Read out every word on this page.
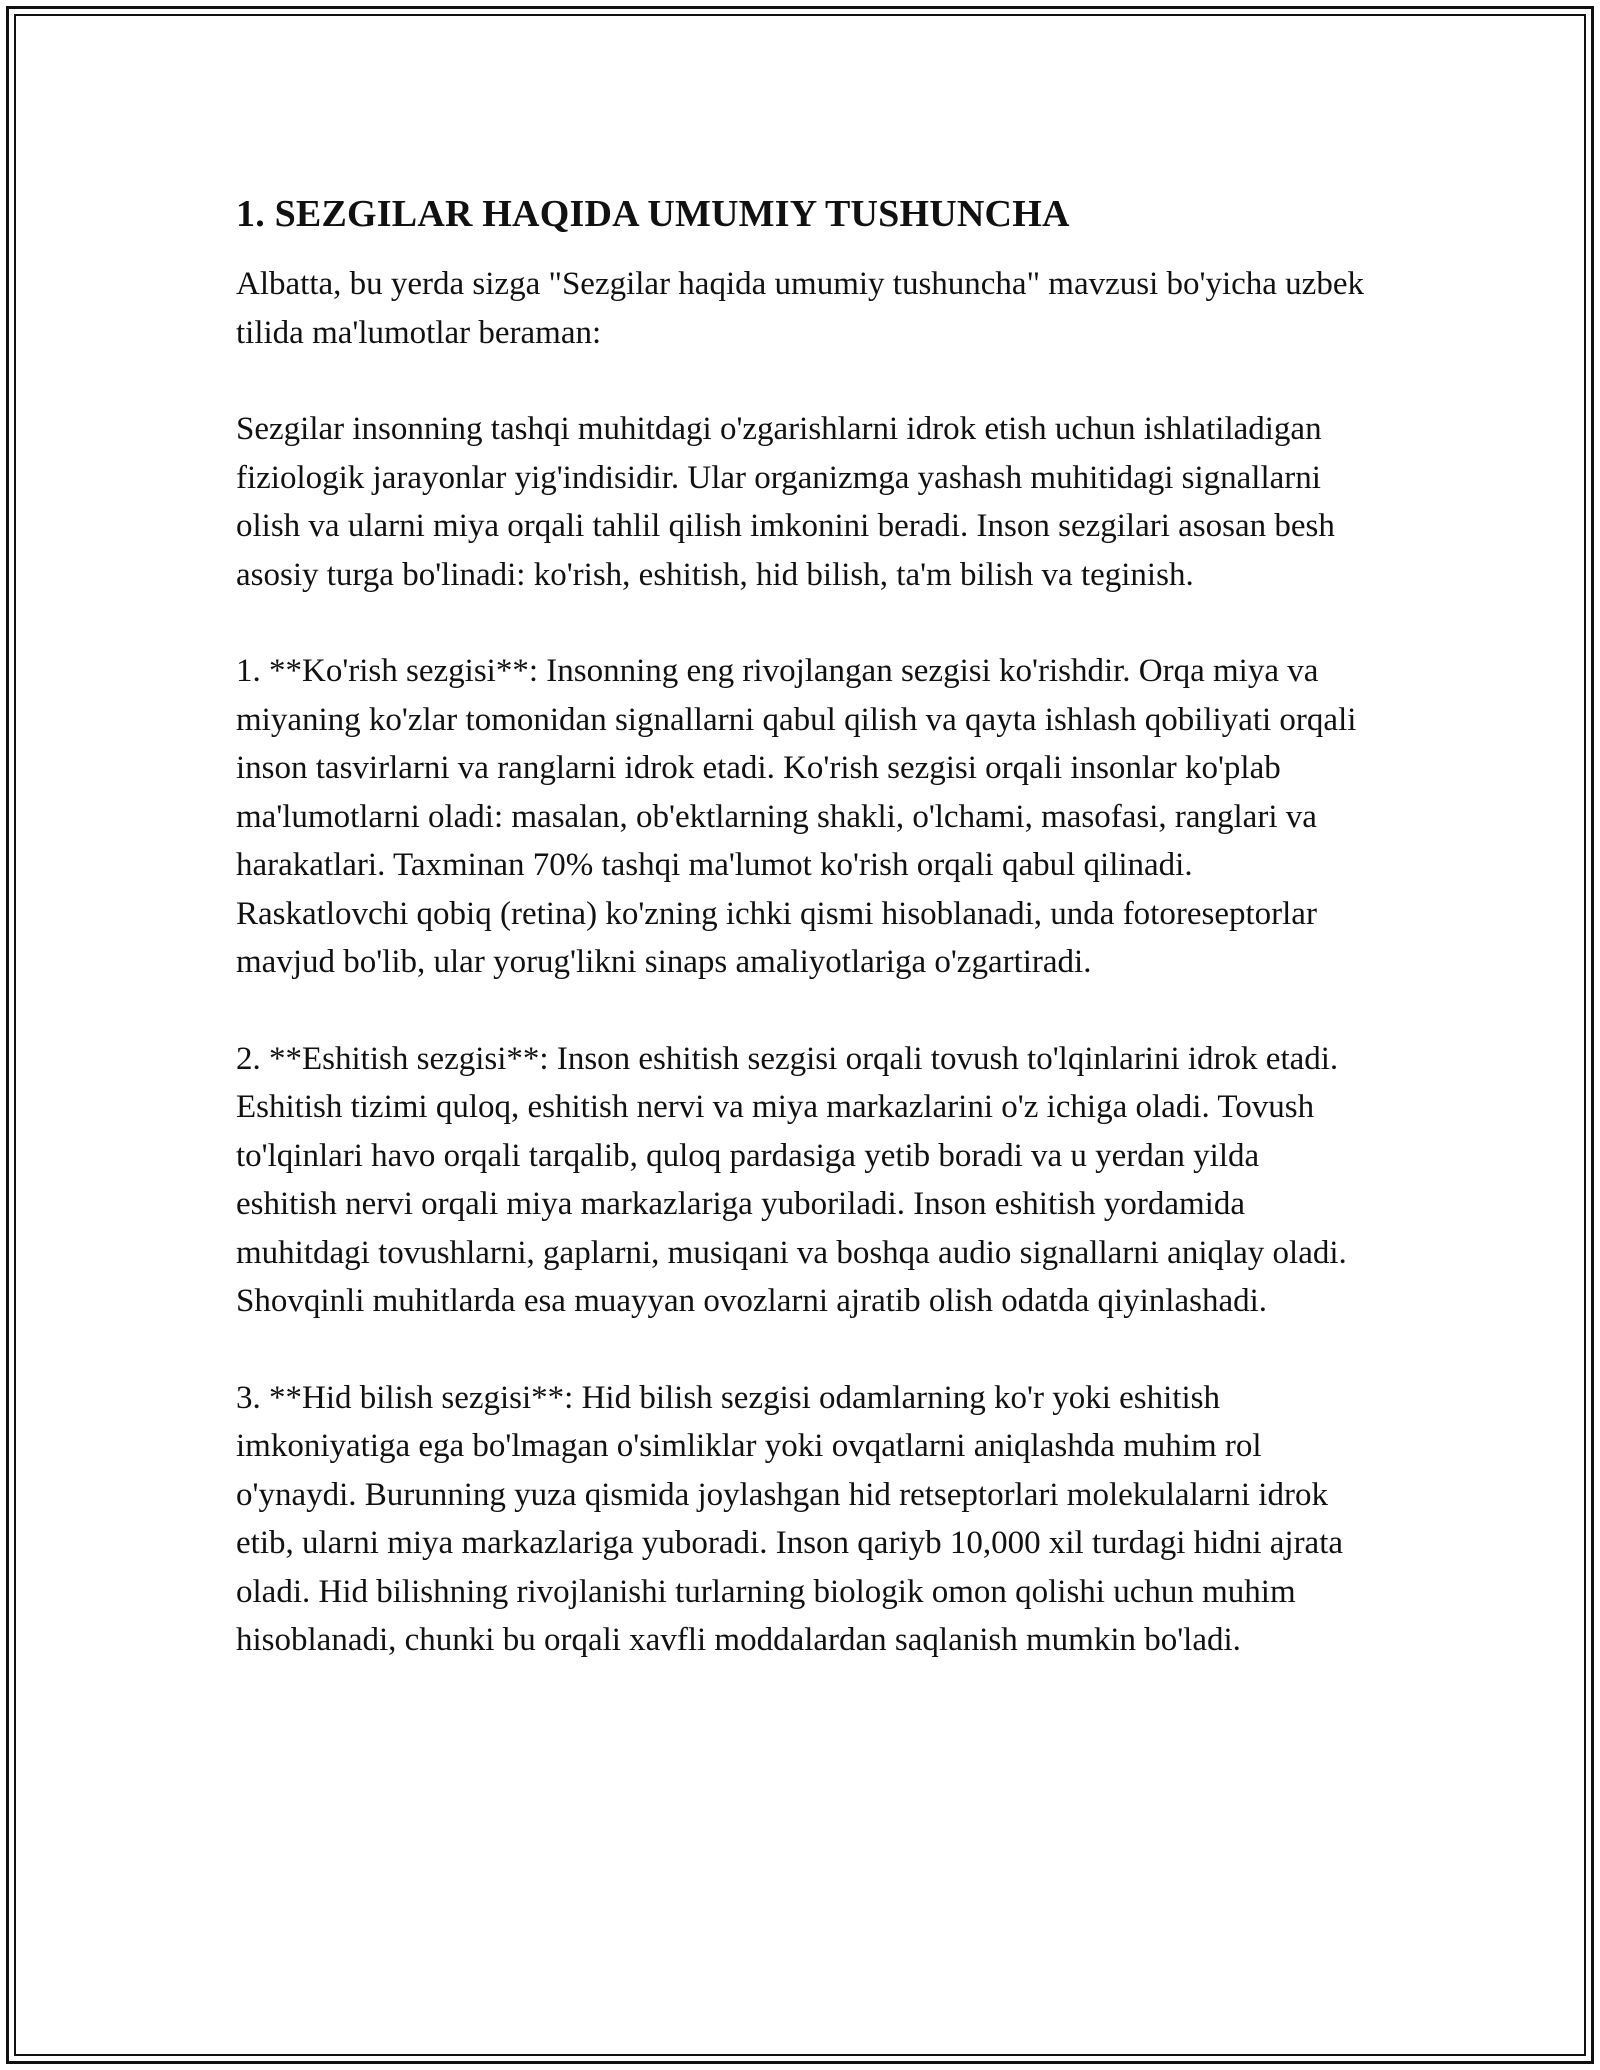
1. SEZGILAR HAQIDA UMUMIY TUSHUNCHA

Albatta, bu yerda sizga "Sezgilar haqida umumiy tushuncha" mavzusi bo'yicha uzbek tilida ma'lumotlar beraman:

Sezgilar insonning tashqi muhitdagi o'zgarishlarni idrok etish uchun ishlatiladigan fiziologik jarayonlar yig'indisidir. Ular organizmga yashash muhitidagi signallarni olish va ularni miya orqali tahlil qilish imkonini beradi. Inson sezgilari asosan besh asosiy turga bo'linadi: ko'rish, eshitish, hid bilish, ta'm bilish va teginish.

1. **Ko'rish sezgisi**: Insonning eng rivojlangan sezgisi ko'rishdir. Orqa miya va miyaning ko'zlar tomonidan signallarni qabul qilish va qayta ishlash qobiliyati orqali inson tasvirlarni va ranglarni idrok etadi. Ko'rish sezgisi orqali insonlar ko'plab ma'lumotlarni oladi: masalan, ob'ektlarning shakli, o'lchami, masofasi, ranglari va harakatlari. Taxminan 70% tashqi ma'lumot ko'rish orqali qabul qilinadi. Raskatlovchi qobiq (retina) ko'zning ichki qismi hisoblanadi, unda fotoreseptorlar mavjud bo'lib, ular yorug'likni sinaps amaliyotlariga o'zgartiradi.

2. **Eshitish sezgisi**: Inson eshitish sezgisi orqali tovush to'lqinlarini idrok etadi. Eshitish tizimi quloq, eshitish nervi va miya markazlarini o'z ichiga oladi. Tovush to'lqinlari havo orqali tarqalib, quloq pardasiga yetib boradi va u yerdan yilda eshitish nervi orqali miya markazlariga yuboriladi. Inson eshitish yordamida muhitdagi tovushlarni, gaplarni, musiqani va boshqa audio signallarni aniqlay oladi. Shovqinli muhitlarda esa muayyan ovozlarni ajratib olish odatda qiyinlashadi.

3. **Hid bilish sezgisi**: Hid bilish sezgisi odamlarning ko'r yoki eshitish imkoniyatiga ega bo'lmagan o'simliklar yoki ovqatlarni aniqlashda muhim rol o'ynaydi. Burunning yuza qismida joylashgan hid retseptorlari molekulalarni idrok etib, ularni miya markazlariga yuboradi. Inson qariyb 10,000 xil turdagi hidni ajrata oladi. Hid bilishning rivojlanishi turlarning biologik omon qolishi uchun muhim hisoblanadi, chunki bu orqali xavfli moddalardan saqlanish mumkin bo'ladi.
